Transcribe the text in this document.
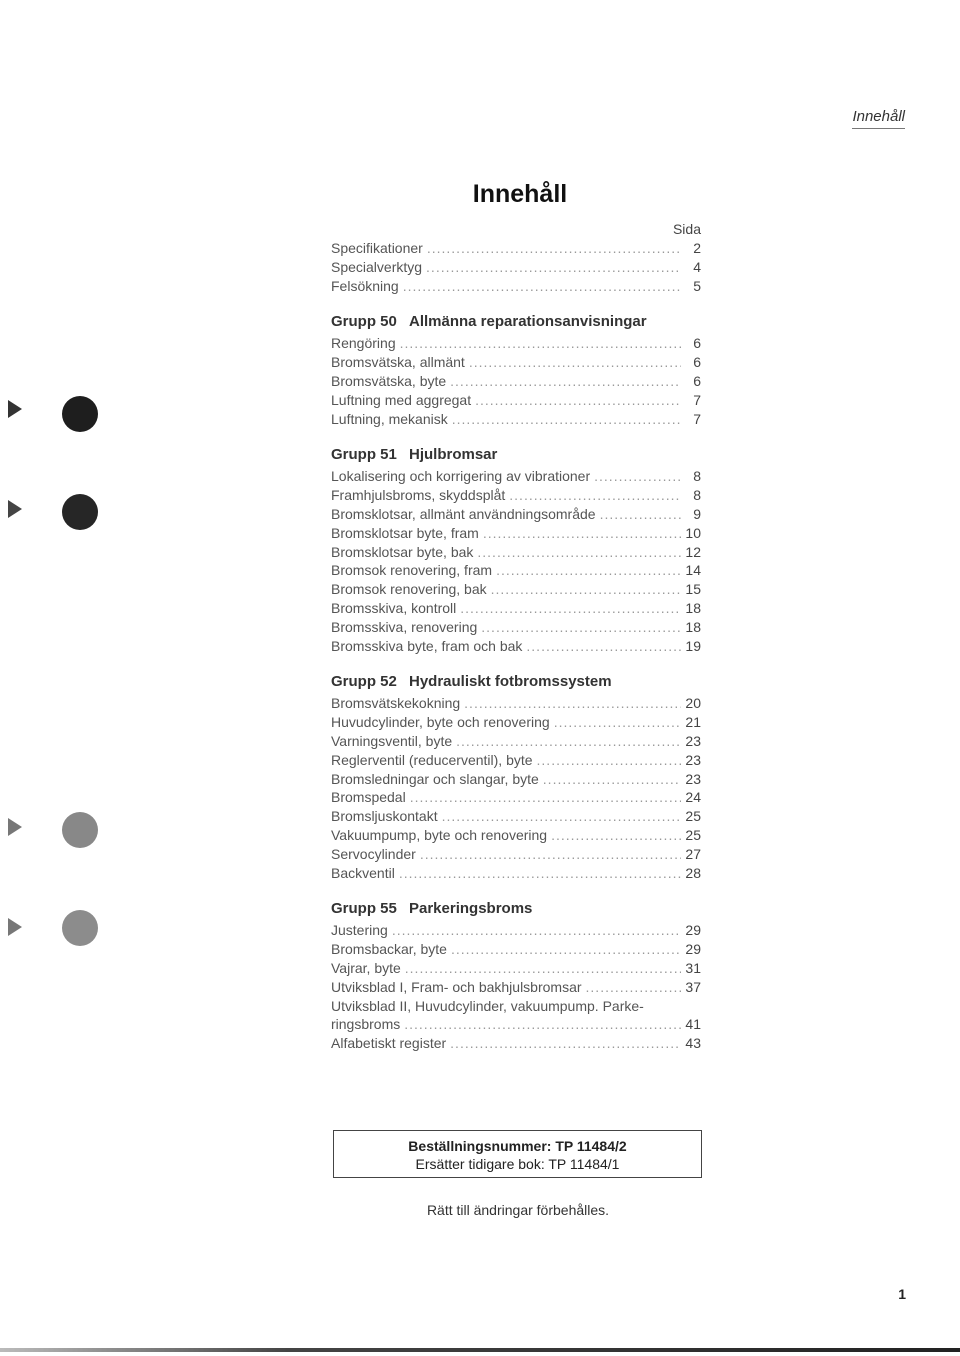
Innehåll
Innehåll
Sida
Specifikationer .....	2
Specialverktyg .....	4
Felsökning .....	5
Grupp 50 Allmänna reparationsanvisningar
Rengöring .....	6
Bromsvätska, allmänt .....	6
Bromsvätska, byte .....	6
Luftning med aggregat .....	7
Luftning, mekanisk .....	7
Grupp 51 Hjulbromsar
Lokalisering och korrigering av vibrationer .....	8
Framhjulsbroms, skyddsplåt .....	8
Bromsklotsar, allmänt användningsområde .....	9
Bromsklotsar byte, fram .....	10
Bromsklotsar byte, bak .....	12
Bromsok renovering, fram .....	14
Bromsok renovering, bak .....	15
Bromsskiva, kontroll .....	18
Bromsskiva, renovering .....	18
Bromsskiva byte, fram och bak .....	19
Grupp 52 Hydrauliskt fotbromssystem
Bromsvätskekokning .....	20
Huvudcylinder, byte och renovering .....	21
Varningsventil, byte .....	23
Reglerventil (reducerventil), byte .....	23
Bromsledningar och slangar, byte .....	23
Bromspedal .....	24
Bromsljuskontakt .....	25
Vakuumpump, byte och renovering .....	25
Servocylinder .....	27
Backventil .....	28
Grupp 55 Parkeringsbroms
Justering .....	29
Bromsbackar, byte .....	29
Vajrar, byte .....	31
Utviksblad I, Fram- och bakhjulsbromsar .....	37
Utviksblad II, Huvudcylinder, vakuumpump. Parke-
ringsbroms .....	41
Alfabetiskt register .....	43
Beställningsnummer: TP 11484/2
Ersätter tidigare bok: TP 11484/1
Rätt till ändringar förbehålles.
1
